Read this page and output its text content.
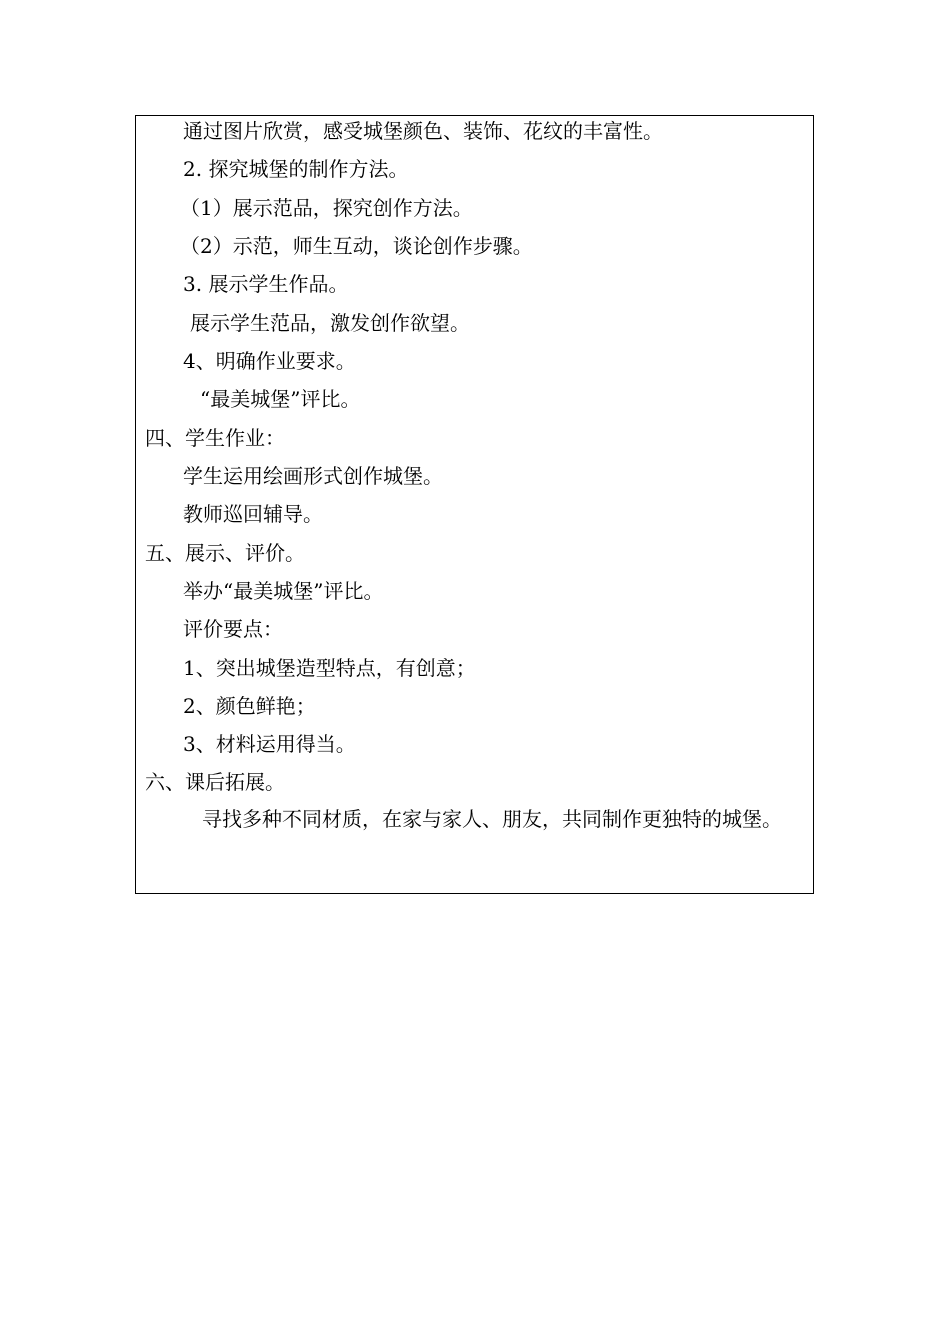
通过图片欣赏，感受城堡颜色、装饰、花纹的丰富性。
2. 探究城堡的制作方法。
（1）展示范品，探究创作方法。
（2）示范，师生互动，谈论创作步骤。
3. 展示学生作品。
展示学生范品，激发创作欲望。
4、明确作业要求。
“最美城堡”评比。
四、学生作业：
学生运用绘画形式创作城堡。
教师巡回辅导。
五、展示、评价。
举办“最美城堡”评比。
评价要点：
1、突出城堡造型特点，有创意；
2、颜色鲜艳；
3、材料运用得当。
六、课后拓展。
　寻找多种不同材质，在家与家人、朋友，共同制作更独特的城堡。
